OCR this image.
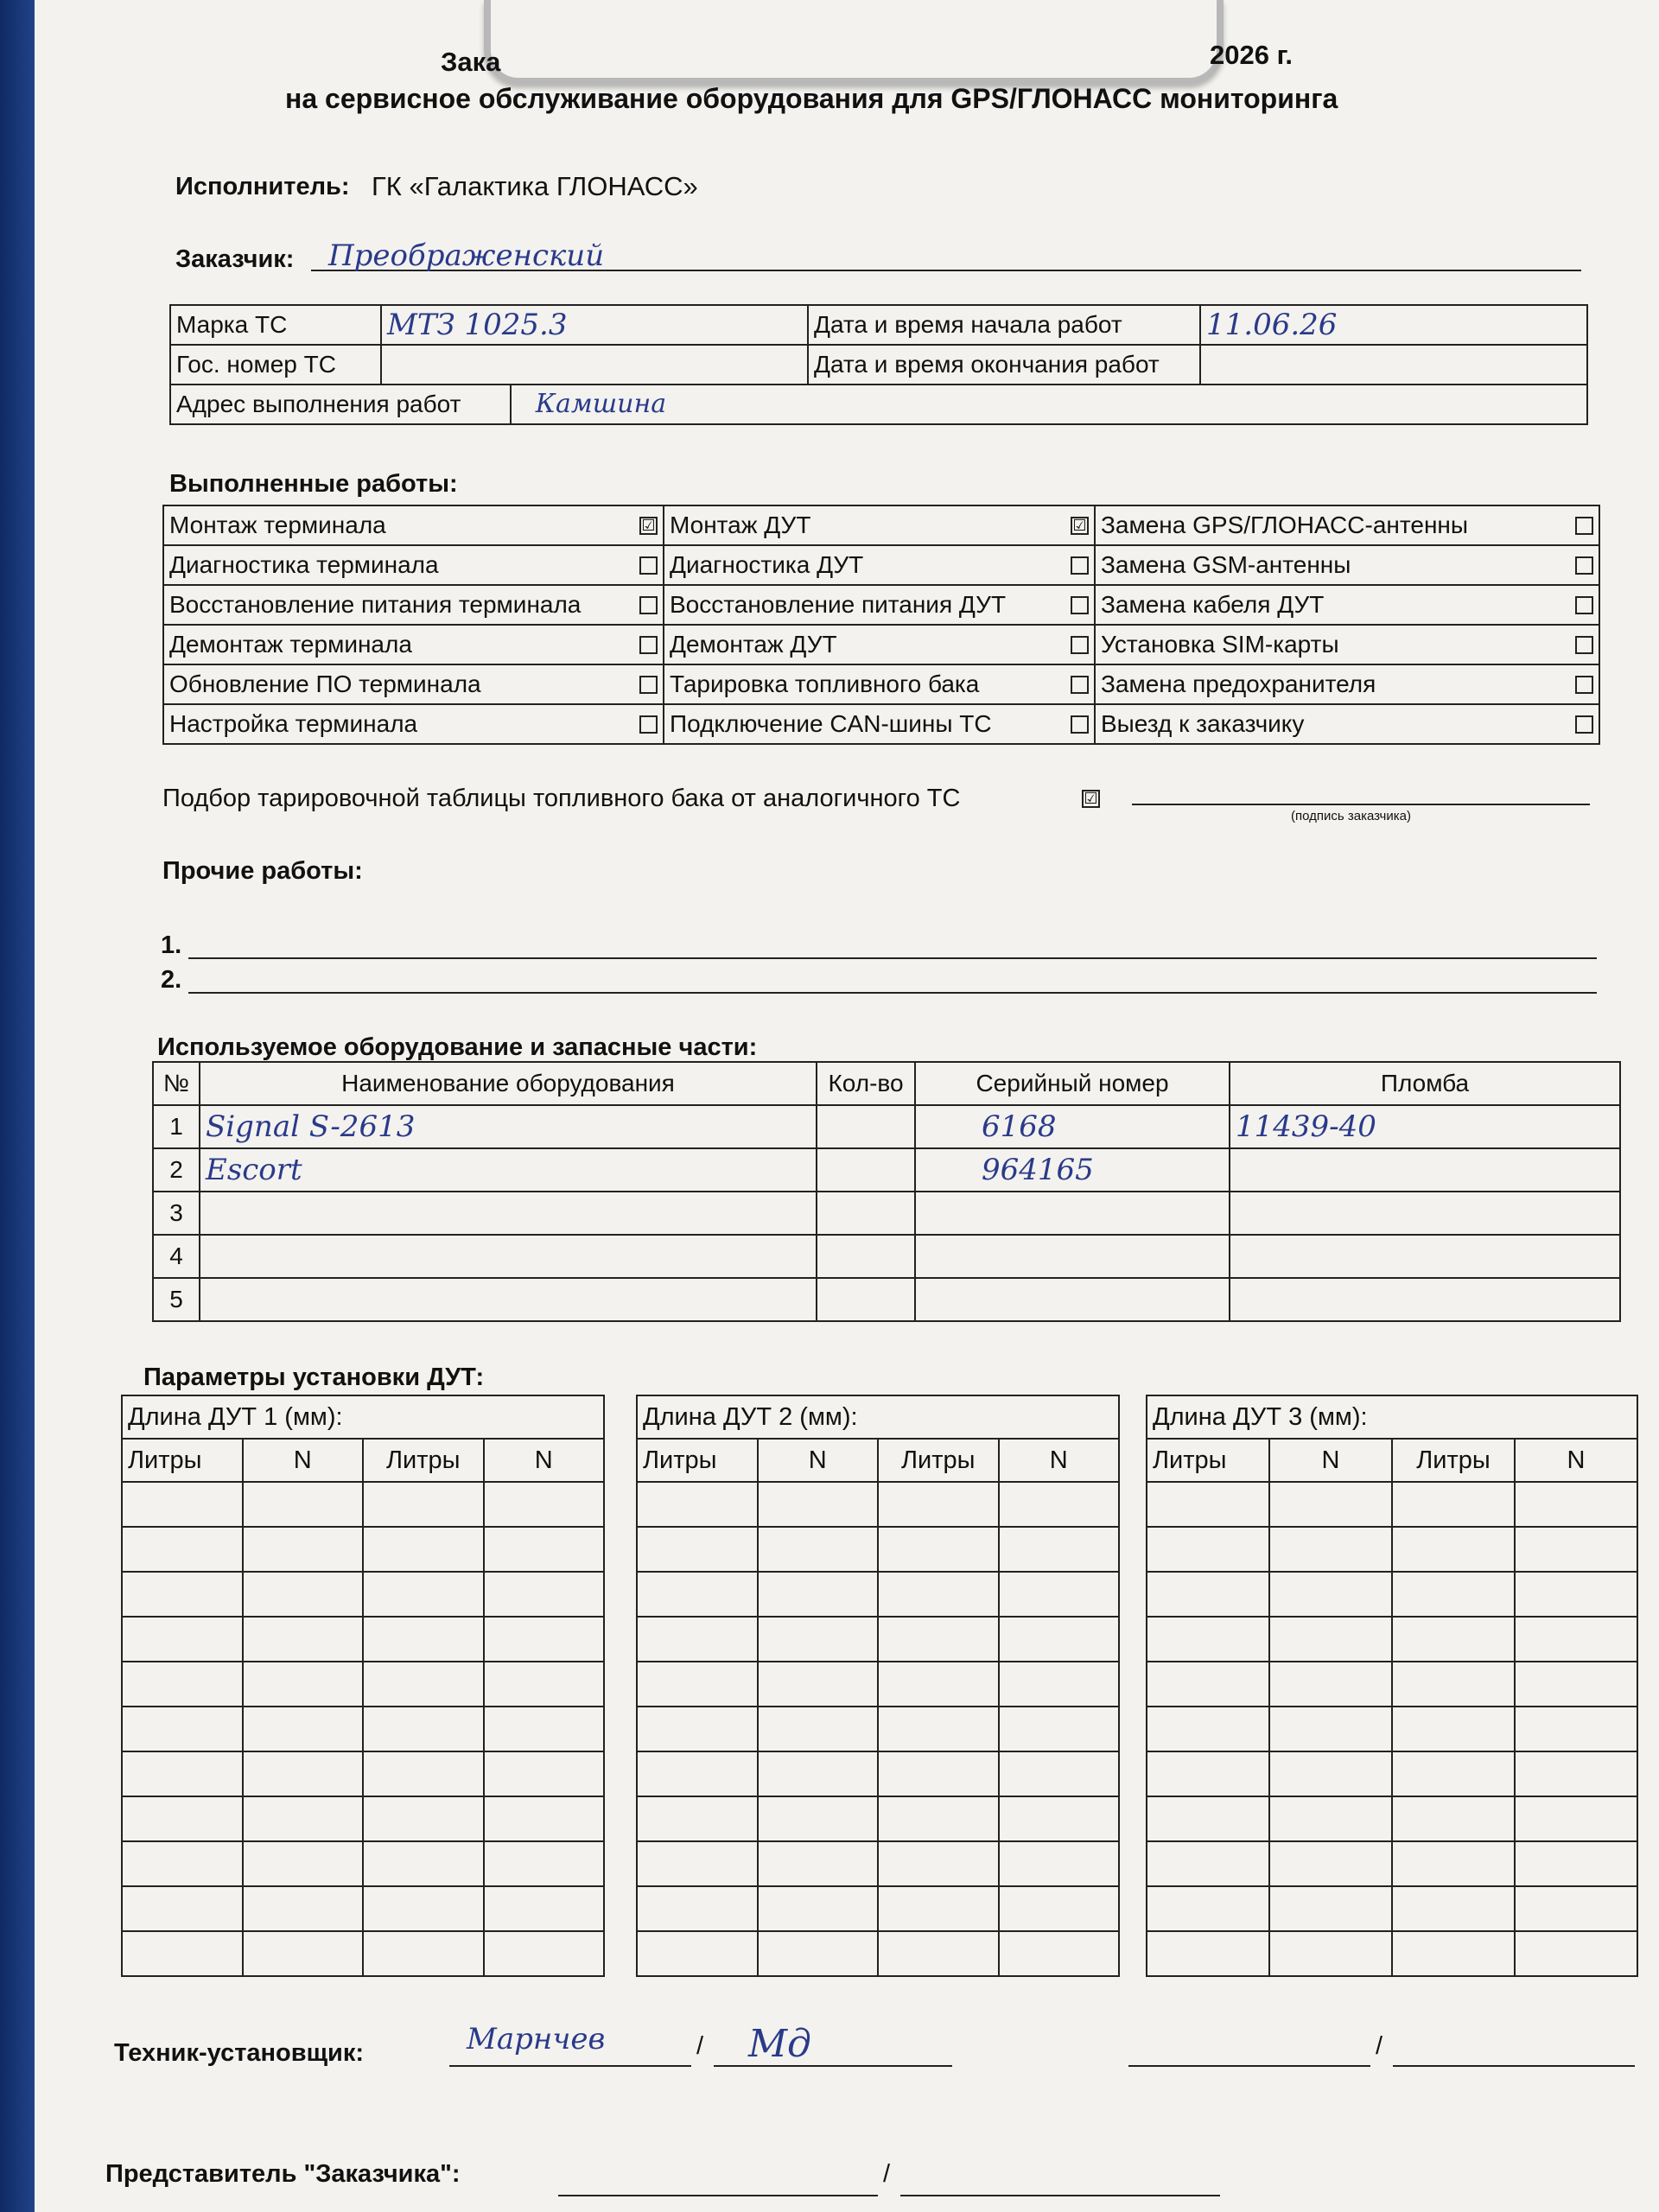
Зака	2026 г.
на сервисное обслуживание оборудования для GPS/ГЛОНАСС мониторинга
Исполнитель: ГК «Галактика ГЛОНАСС»
Заказчик:	Преображенский
Марка ТС	МТЗ 1025.3	Дата и время начала работ	11.06.26
Гос. номер ТС		Дата и время окончания работ	
Адрес выполнения работ Камшина			
Выполненные работы:
Монтаж терминала ☑	Монтаж ДУТ ☑	Замена GPS/ГЛОНАСС-антенны

Диагностика терминала	Диагностика ДУТ	Замена GSM-антенны

Восстановление питания терминала	Восстановление питания ДУТ	Замена кабеля ДУТ

Демонтаж терминала	Демонтаж ДУТ	Установка SIM-карты

Обновление ПО терминала	Тарировка топливного бака	Замена предохранителя

Настройка терминала	Подключение CAN-шины ТС	Выезд к заказчику
Подбор тарировочной таблицы топливного бака от аналогичного ТС	☑
(подпись заказчика)
Прочие работы:
1.
2.
Используемое оборудование и запасные части:
№	Наименование оборудования	Кол-во	Серийный номер	Пломба
1	Signal S-2613		6168	11439-40
2	Escort		964165	
3				
4				
5				
Параметры установки ДУТ:
Длина ДУТ 1 (мм):			
Литры	N	Литры	N

Длина ДУТ 2 (мм):			
Литры	N	Литры	N

Длина ДУТ 3 (мм):			
Литры	N	Литры	N

Техник-установщик:	Марнчев	/	Мд	/
Представитель "Заказчика":	/
